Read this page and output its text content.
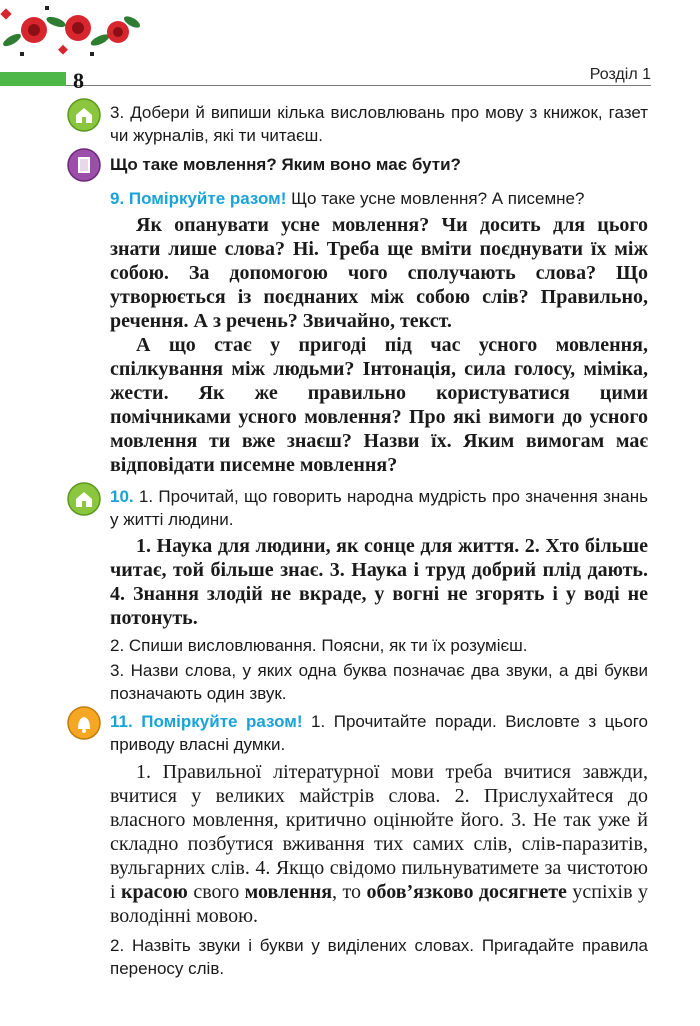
8	Розділ 1
3. Добери й випиши кілька висловлювань про мову з книжок, газет чи журналів, які ти читаєш.
Що таке мовлення? Яким воно має бути?
9. Поміркуйте разом! Що таке усне мовлення? А писемне?
Як опанувати усне мовлення? Чи досить для цього знати лише слова? Ні. Треба ще вміти поєднувати їх між собою. За допомогою чого сполучають слова? Що утворюється із поєднаних між собою слів? Правильно, речення. А з речень? Звичайно, текст.
А що стає у пригоді під час усного мовлення, спілкування між людьми? Інтонація, сила голосу, міміка, жести. Як же правильно користуватися цими помічниками усного мовлення? Про які вимоги до усного мовлення ти вже знаєш? Назви їх. Яким вимогам має відповідати писемне мовлення?
10. 1. Прочитай, що говорить народна мудрість про значення знань у житті людини.
1. Наука для людини, як сонце для життя. 2. Хто більше читає, той більше знає. 3. Наука і труд добрий плід дають. 4. Знання злодій не вкраде, у вогні не згорять і у воді не потонуть.
2. Спиши висловлювання. Поясни, як ти їх розумієш.
3. Назви слова, у яких одна буква позначає два звуки, а дві букви позначають один звук.
11. Поміркуйте разом! 1. Прочитайте поради. Висловте з цього приводу власні думки.
1. Правильної літературної мови треба вчитися завжди, вчитися у великих майстрів слова. 2. Прислухайтеся до власного мовлення, критично оцінюйте його. 3. Не так уже й складно позбутися вживання тих самих слів, слів-паразитів, вульгарних слів. 4. Якщо свідомо пильнуватимете за чистотою і красою свого мовлення, то обов’язково досягнете успіхів у володінні мовою.
2. Назвіть звуки і букви у виділених словах. Пригадайте правила переносу слів.
